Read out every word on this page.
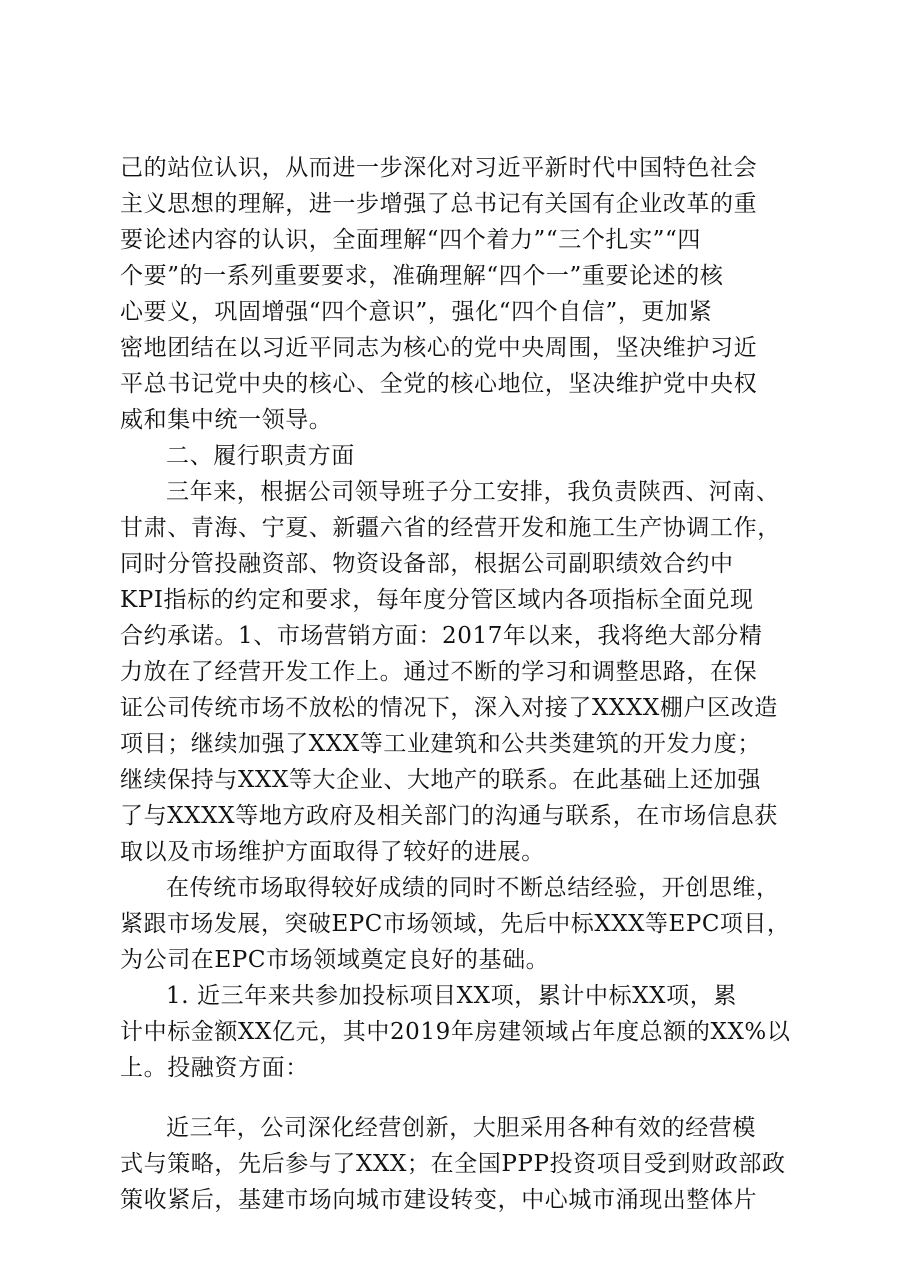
己的站位认识，从而进一步深化对习近平新时代中国特色社会
主义思想的理解，进一步增强了总书记有关国有企业改革的重
要论述内容的认识，全面理解“四个着力”“三个扎实”“四
个要”的一系列重要要求，准确理解“四个一”重要论述的核
心要义，巩固增强“四个意识”，强化“四个自信”，更加紧
密地团结在以习近平同志为核心的党中央周围，坚决维护习近
平总书记党中央的核心、全党的核心地位，坚决维护党中央权
威和集中统一领导。
二、履行职责方面
三年来，根据公司领导班子分工安排，我负责陕西、河南、
甘肃、青海、宁夏、新疆六省的经营开发和施工生产协调工作，
同时分管投融资部、物资设备部，根据公司副职绩效合约中
KPI指标的约定和要求，每年度分管区域内各项指标全面兑现
合约承诺。1、市场营销方面：2017年以来，我将绝大部分精
力放在了经营开发工作上。通过不断的学习和调整思路，在保
证公司传统市场不放松的情况下，深入对接了XXXX棚户区改造
项目；继续加强了XXX等工业建筑和公共类建筑的开发力度；
继续保持与XXX等大企业、大地产的联系。在此基础上还加强
了与XXXX等地方政府及相关部门的沟通与联系，在市场信息获
取以及市场维护方面取得了较好的进展。
在传统市场取得较好成绩的同时不断总结经验，开创思维，
紧跟市场发展，突破EPC市场领域，先后中标XXX等EPC项目，
为公司在EPC市场领域奠定良好的基础。
1. 近三年来共参加投标项目XX项，累计中标XX项，累
计中标金额XX亿元，其中2019年房建领域占年度总额的XX%以
上。投融资方面：
近三年，公司深化经营创新，大胆采用各种有效的经营模
式与策略，先后参与了XXX；在全国PPP投资项目受到财政部政
策收紧后，基建市场向城市建设转变，中心城市涌现出整体片
